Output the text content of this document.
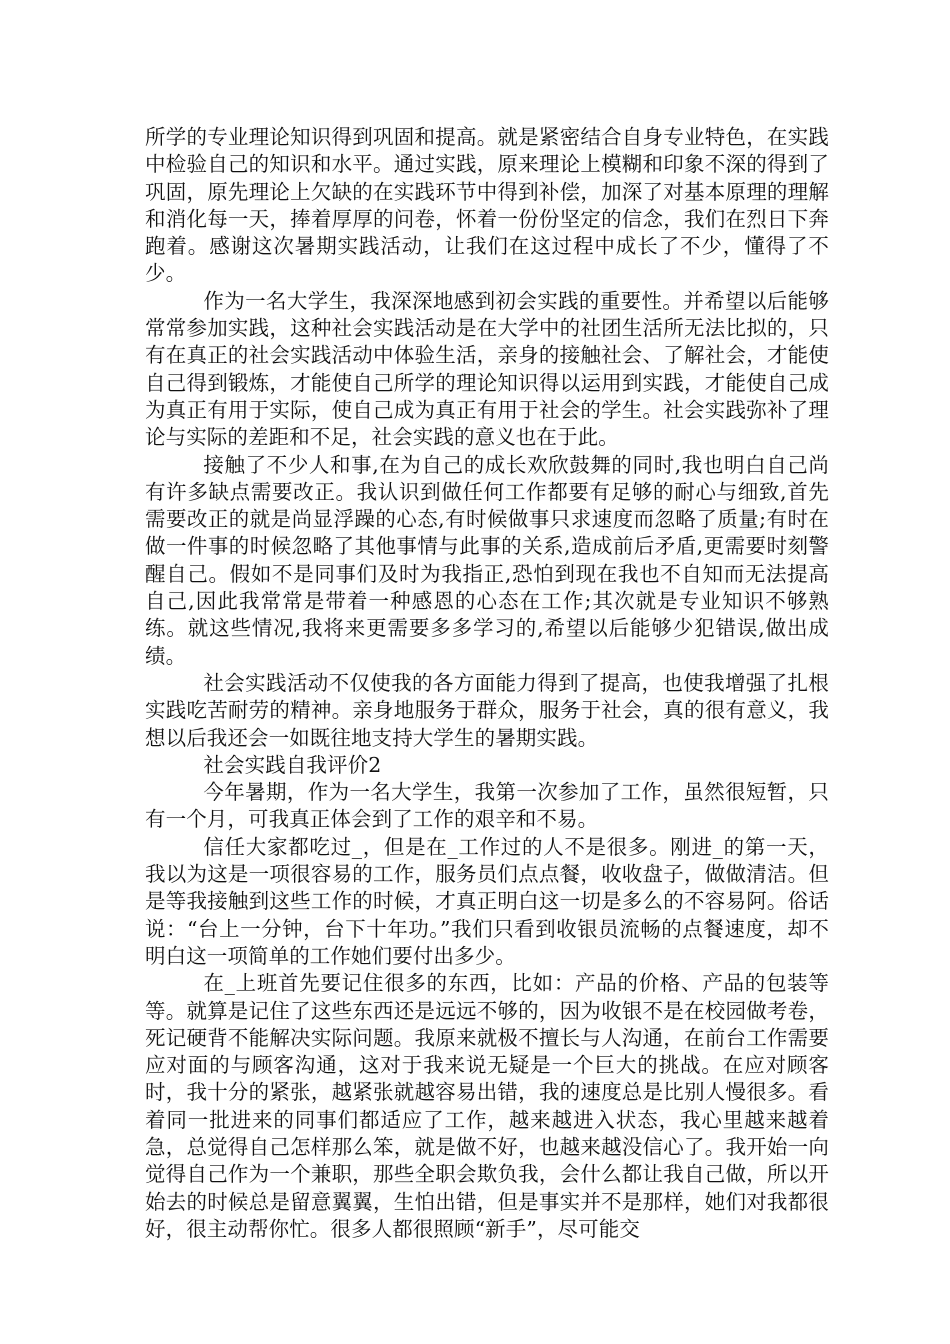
所学的专业理论知识得到巩固和提高。就是紧密结合自身专业特色，在实践中检验自己的知识和水平。通过实践，原来理论上模糊和印象不深的得到了巩固，原先理论上欠缺的在实践环节中得到补偿，加深了对基本原理的理解和消化每一天，捧着厚厚的问卷，怀着一份份坚定的信念，我们在烈日下奔跑着。感谢这次暑期实践活动，让我们在这过程中成长了不少，懂得了不少。

作为一名大学生，我深深地感到初会实践的重要性。并希望以后能够常常参加实践，这种社会实践活动是在大学中的社团生活所无法比拟的，只有在真正的社会实践活动中体验生活，亲身的接触社会、了解社会，才能使自己得到锻炼，才能使自己所学的理论知识得以运用到实践，才能使自己成为真正有用于实际，使自己成为真正有用于社会的学生。社会实践弥补了理论与实际的差距和不足，社会实践的意义也在于此。

接触了不少人和事,在为自己的成长欢欣鼓舞的同时,我也明白自己尚有许多缺点需要改正。我认识到做任何工作都要有足够的耐心与细致,首先需要改正的就是尚显浮躁的心态,有时候做事只求速度而忽略了质量;有时在做一件事的时候忽略了其他事情与此事的关系,造成前后矛盾,更需要时刻警醒自己。假如不是同事们及时为我指正,恐怕到现在我也不自知而无法提高自己,因此我常常是带着一种感恩的心态在工作;其次就是专业知识不够熟练。就这些情况,我将来更需要多多学习的,希望以后能够少犯错误,做出成绩。

社会实践活动不仅使我的各方面能力得到了提高，也使我增强了扎根实践吃苦耐劳的精神。亲身地服务于群众，服务于社会，真的很有意义，我想以后我还会一如既往地支持大学生的暑期实践。

社会实践自我评价2

今年暑期，作为一名大学生，我第一次参加了工作，虽然很短暂，只有一个月，可我真正体会到了工作的艰辛和不易。

信任大家都吃过_，但是在_工作过的人不是很多。刚进_的第一天，我以为这是一项很容易的工作，服务员们点点餐，收收盘子，做做清洁。但是等我接触到这些工作的时候，才真正明白这一切是多么的不容易阿。俗话说：“台上一分钟，台下十年功。”我们只看到收银员流畅的点餐速度，却不明白这一项简单的工作她们要付出多少。

在_上班首先要记住很多的东西，比如：产品的价格、产品的包装等等。就算是记住了这些东西还是远远不够的，因为收银不是在校园做考卷，死记硬背不能解决实际问题。我原来就极不擅长与人沟通，在前台工作需要应对面的与顾客沟通，这对于我来说无疑是一个巨大的挑战。在应对顾客时，我十分的紧张，越紧张就越容易出错，我的速度总是比别人慢很多。看着同一批进来的同事们都适应了工作，越来越进入状态，我心里越来越着急，总觉得自己怎样那么笨，就是做不好，也越来越没信心了。我开始一向觉得自己作为一个兼职，那些全职会欺负我，会什么都让我自己做，所以开始去的时候总是留意翼翼，生怕出错，但是事实并不是那样，她们对我都很好，很主动帮你忙。很多人都很照顾“新手”，尽可能交
